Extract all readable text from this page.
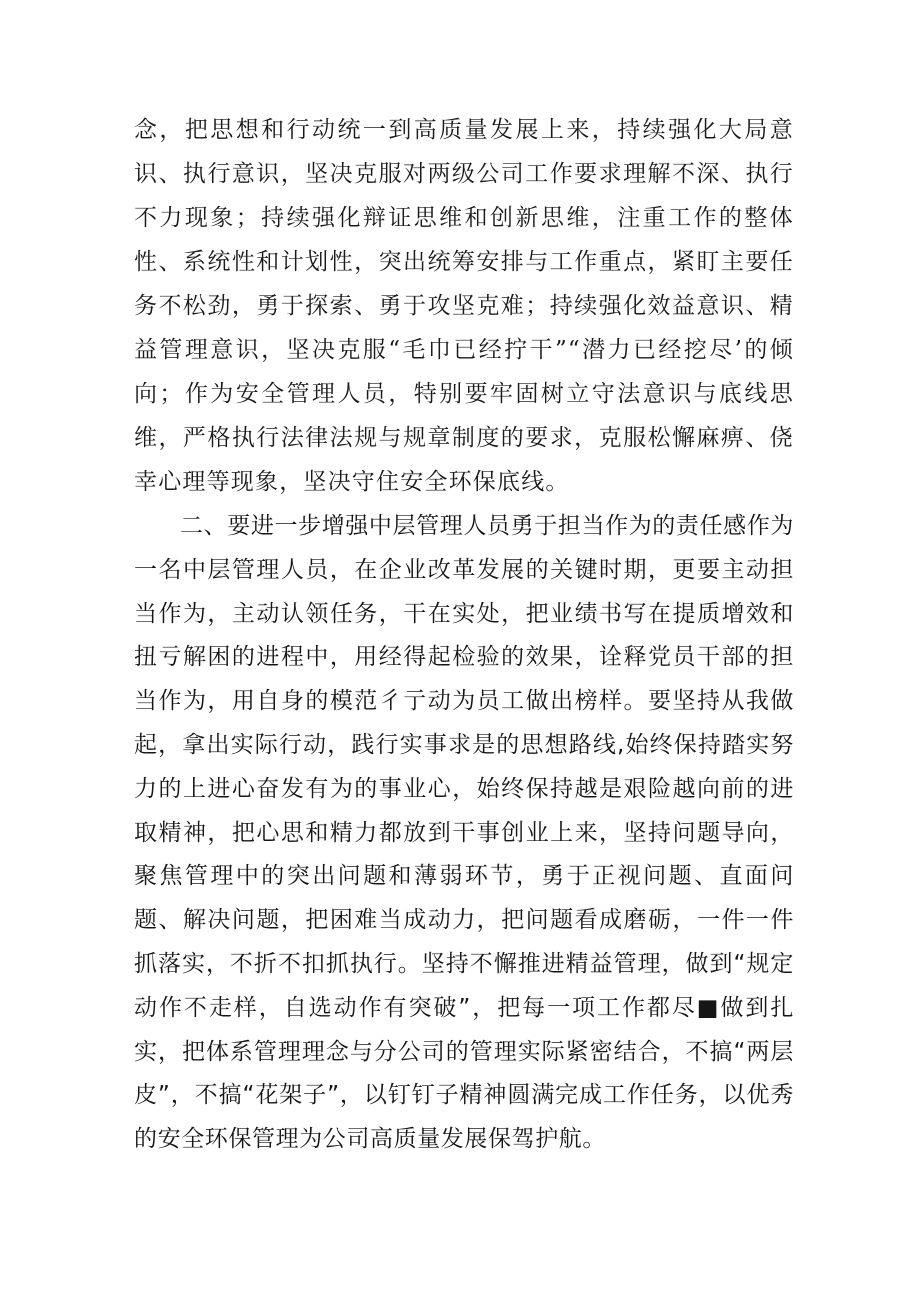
念，把思想和行动统一到高质量发展上来，持续强化大局意识、执行意识，坚决克服对两级公司工作要求理解不深、执行不力现象；持续强化辩证思维和创新思维，注重工作的整体性、系统性和计划性，突出统筹安排与工作重点，紧盯主要任务不松劲，勇于探索、勇于攻坚克难；持续强化效益意识、精益管理意识，坚决克服“毛巾已经拧干”“潜力已经挖尽’的倾向；作为安全管理人员，特别要牢固树立守法意识与底线思维，严格执行法律法规与规章制度的要求，克服松懈麻痹、侥幸心理等现象，坚决守住安全环保底线。

二、要进一步增强中层管理人员勇于担当作为的责任感作为一名中层管理人员，在企业改革发展的关键时期，更要主动担当作为，主动认领任务，干在实处，把业绩书写在提质增效和扭亏解困的进程中，用经得起检验的效果，诠释党员干部的担当作为，用自身的模范彳亍动为员工做出榜样。要坚持从我做起，拿出实际行动，践行实事求是的思想路线,始终保持踏实努力的上进心奋发有为的事业心，始终保持越是艰险越向前的进取精神，把心思和精力都放到干事创业上来，坚持问题导向，聚焦管理中的突出问题和薄弱环节，勇于正视问题、直面问题、解决问题，把困难当成动力，把问题看成磨砺，一件一件抓落实，不折不扣抓执行。坚持不懈推进精益管理，做到“规定动作不走样，自选动作有突破”，把每一项工作都尽■做到扎实，把体系管理理念与分公司的管理实际紧密结合，不搞“两层皮”，不搞“花架子”，以钉钉子精神圆满完成工作任务，以优秀的安全环保管理为公司高质量发展保驾护航。
